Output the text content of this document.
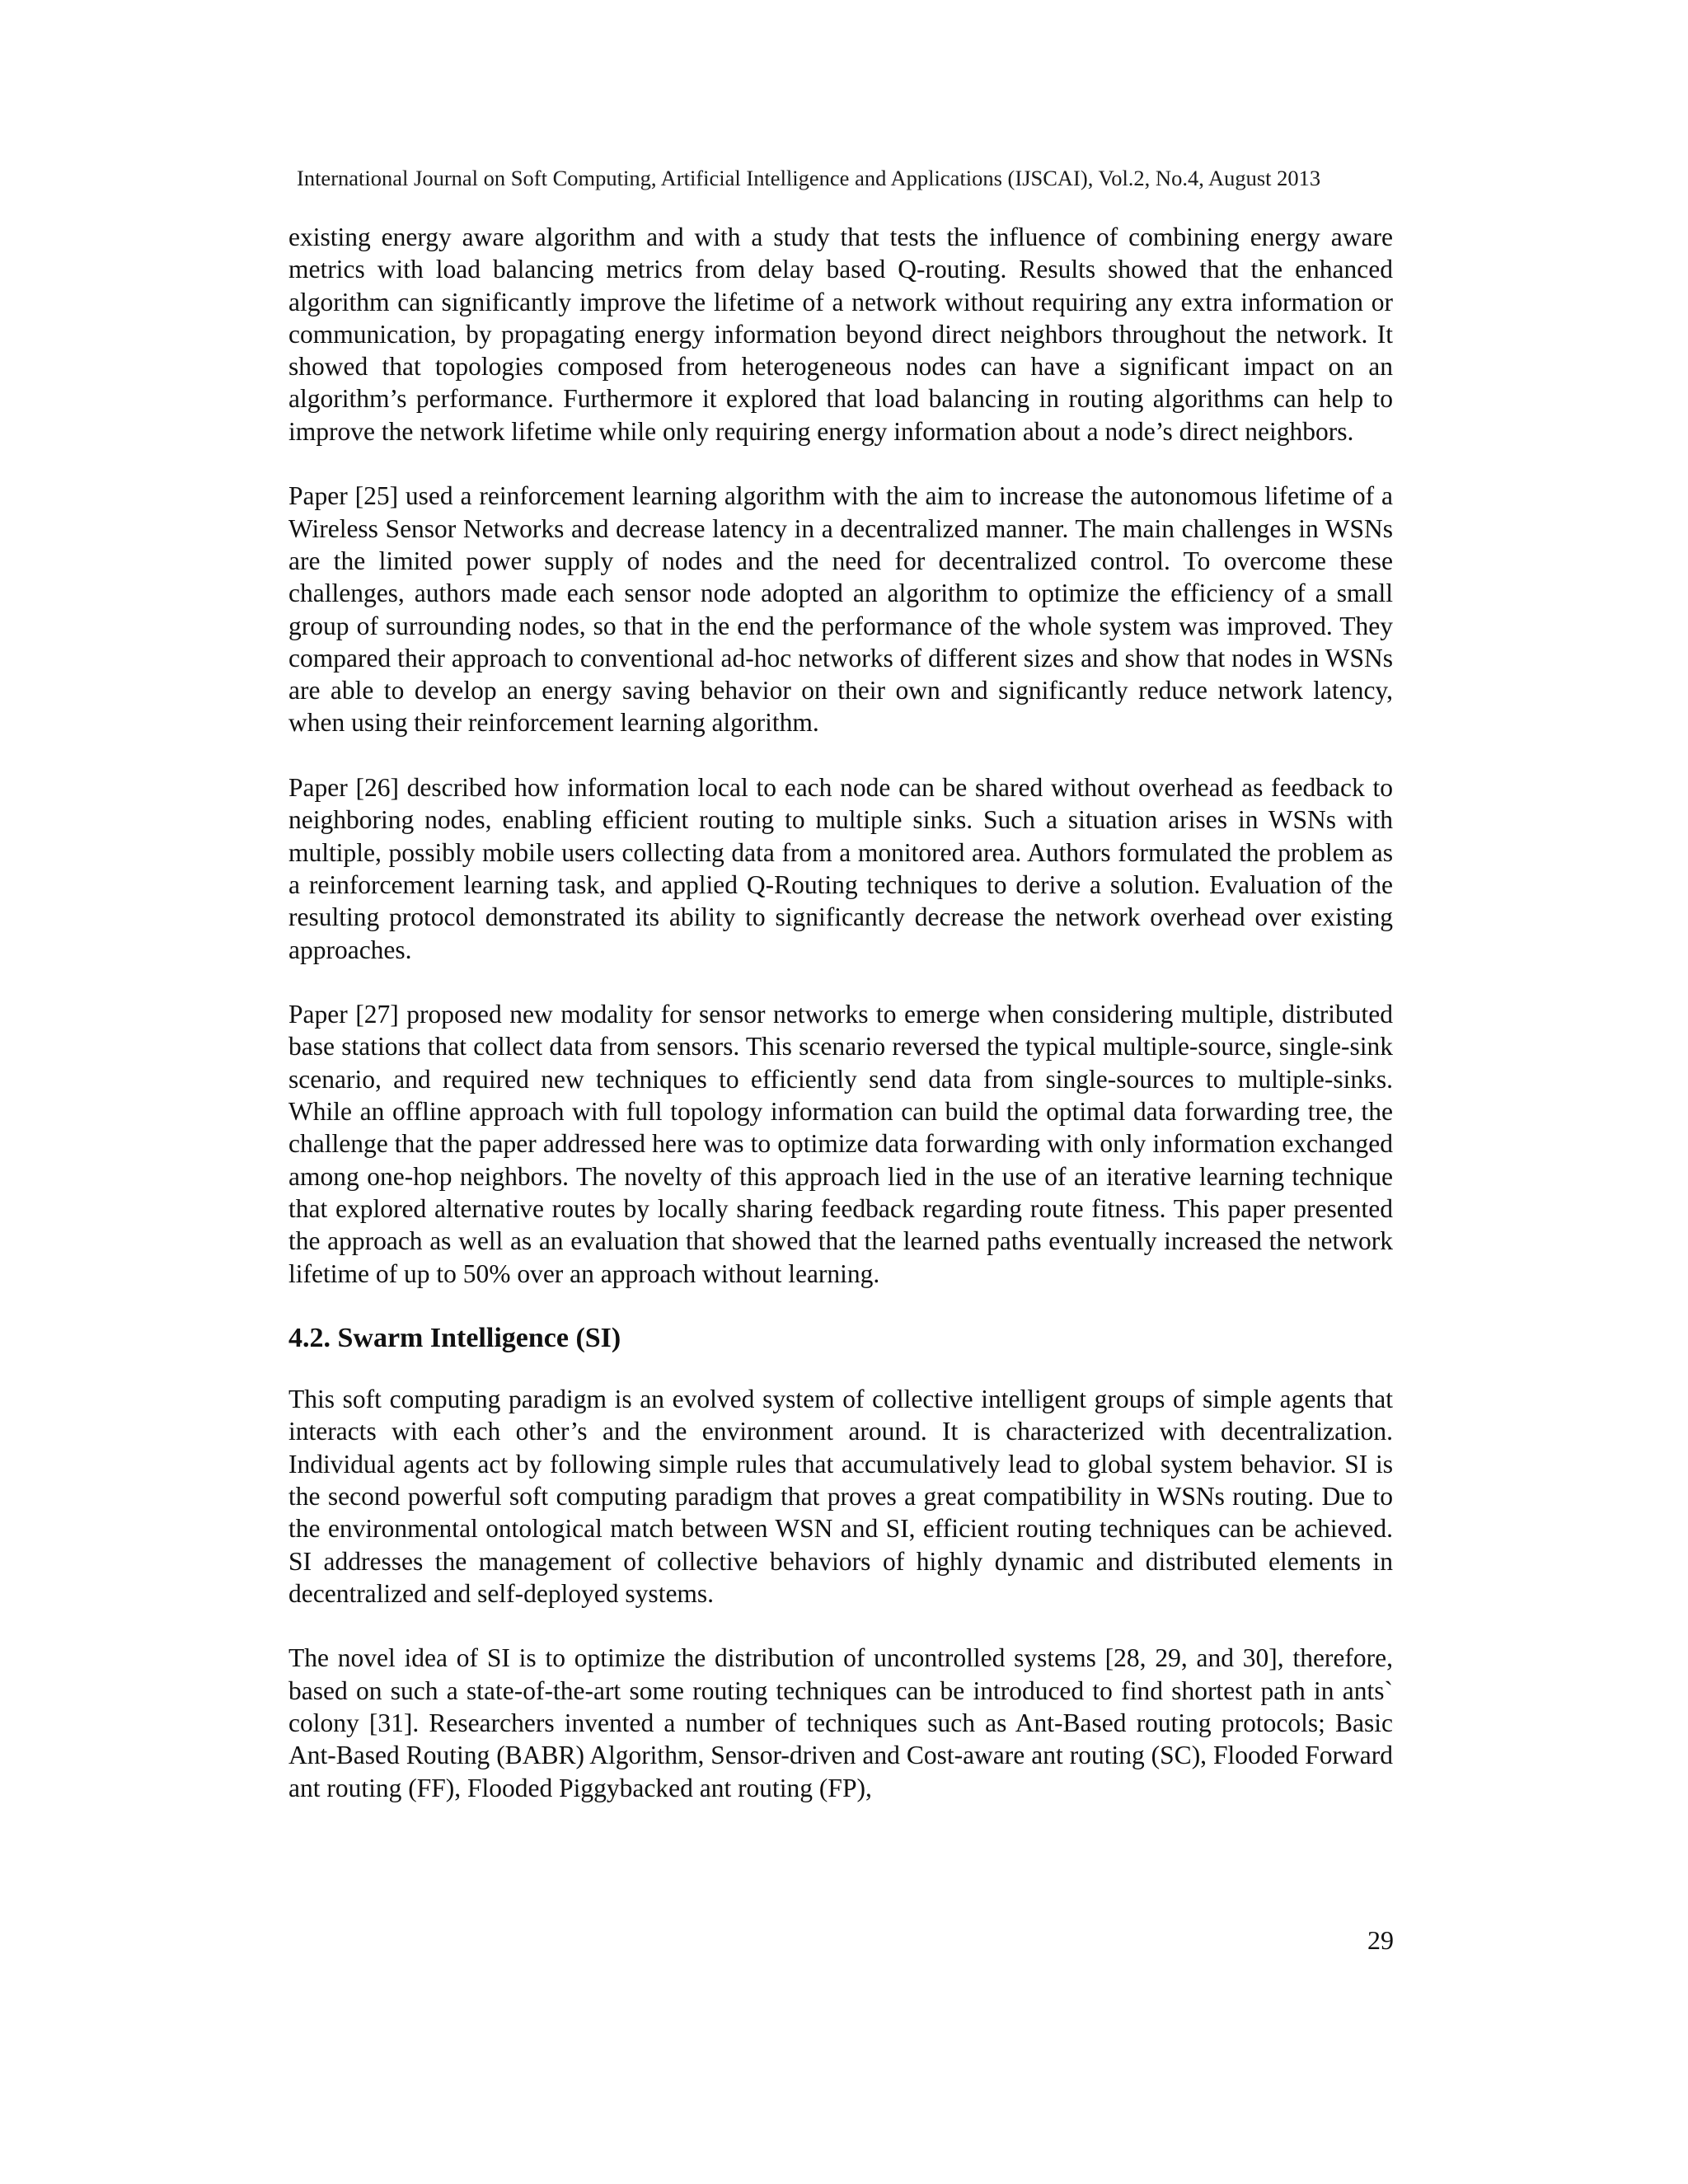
International Journal on Soft Computing, Artificial Intelligence and Applications (IJSCAI), Vol.2, No.4, August 2013

existing energy aware algorithm and with a study that tests the influence of combining energy aware metrics with load balancing metrics from delay based Q-routing. Results showed that the enhanced algorithm can significantly improve the lifetime of a network without requiring any extra information or communication, by propagating energy information beyond direct neighbors throughout the network. It showed that topologies composed from heterogeneous nodes can have a significant impact on an algorithm’s performance. Furthermore it explored that load balancing in routing algorithms can help to improve the network lifetime while only requiring energy information about a node’s direct neighbors.

Paper [25] used a reinforcement learning algorithm with the aim to increase the autonomous lifetime of a Wireless Sensor Networks and decrease latency in a decentralized manner. The main challenges in WSNs are the limited power supply of nodes and the need for decentralized control. To overcome these challenges, authors made each sensor node adopted an algorithm to optimize the efficiency of a small group of surrounding nodes, so that in the end the performance of the whole system was improved. They compared their approach to conventional ad-hoc networks of different sizes and show that nodes in WSNs are able to develop an energy saving behavior on their own and significantly reduce network latency, when using their reinforcement learning algorithm.

Paper [26] described how information local to each node can be shared without overhead as feedback to neighboring nodes, enabling efficient routing to multiple sinks. Such a situation arises in WSNs with multiple, possibly mobile users collecting data from a monitored area. Authors formulated the problem as a reinforcement learning task, and applied Q-Routing techniques to derive a solution. Evaluation of the resulting protocol demonstrated its ability to significantly decrease the network overhead over existing approaches.

Paper [27] proposed new modality for sensor networks to emerge when considering multiple, distributed base stations that collect data from sensors. This scenario reversed the typical multiple-source, single-sink scenario, and required new techniques to efficiently send data from single-sources to multiple-sinks. While an offline approach with full topology information can build the optimal data forwarding tree, the challenge that the paper addressed here was to optimize data forwarding with only information exchanged among one-hop neighbors. The novelty of this approach lied in the use of an iterative learning technique that explored alternative routes by locally sharing feedback regarding route fitness. This paper presented the approach as well as an evaluation that showed that the learned paths eventually increased the network lifetime of up to 50% over an approach without learning.

4.2. Swarm Intelligence (SI)

This soft computing paradigm is an evolved system of collective intelligent groups of simple agents that interacts with each other’s and the environment around. It is characterized with decentralization. Individual agents act by following simple rules that accumulatively lead to global system behavior. SI is the second powerful soft computing paradigm that proves a great compatibility in WSNs routing. Due to the environmental ontological match between WSN and SI, efficient routing techniques can be achieved. SI addresses the management of collective behaviors of highly dynamic and distributed elements in decentralized and self-deployed systems.

The novel idea of SI is to optimize the distribution of uncontrolled systems [28, 29, and 30], therefore, based on such a state-of-the-art some routing techniques can be introduced to find shortest path in ants` colony [31]. Researchers invented a number of techniques such as Ant-Based routing protocols; Basic Ant-Based Routing (BABR) Algorithm, Sensor-driven and Cost-aware ant routing (SC), Flooded Forward ant routing (FF), Flooded Piggybacked ant routing (FP),

29
